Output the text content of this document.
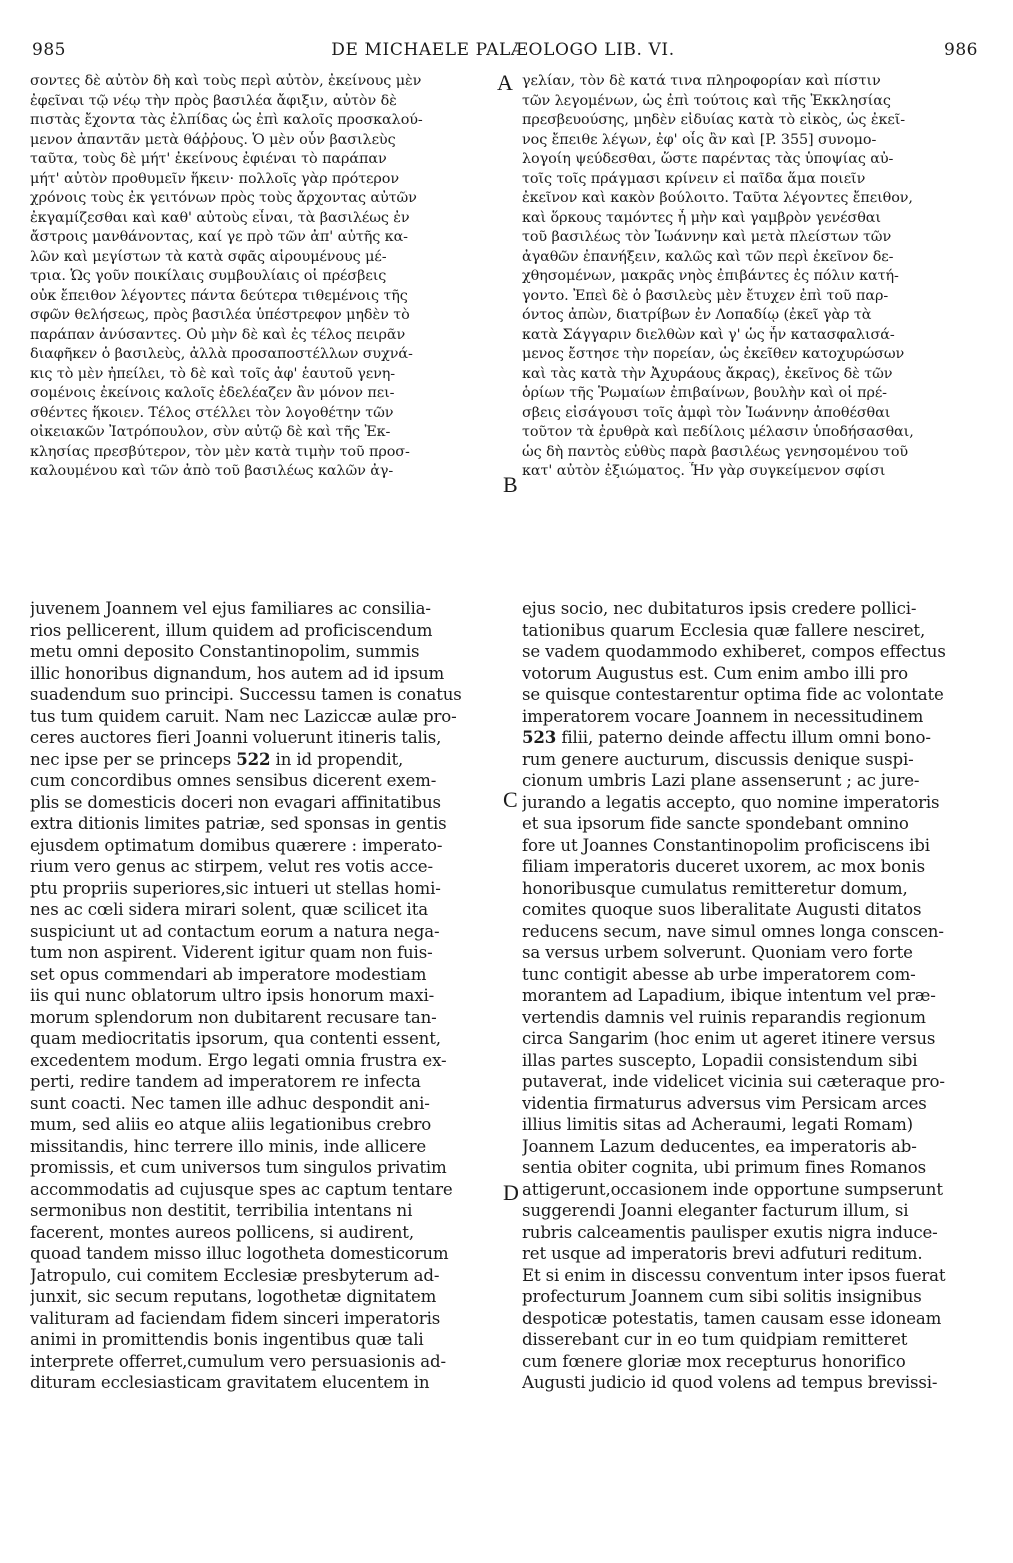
985	DE MICHAELE PALÆOLOGO LIB. VI.	986
σοντες δὲ αὐτὸν δὴ καὶ τοὺς περὶ αὐτὸν, ἐκείνους μὲν
ἐφεῖναι τῷ νέῳ τὴν πρὸς βασιλέα ἄφιξιν, αὐτὸν δὲ
πιστὰς ἔχοντα τὰς ἐλπίδας ὡς ἐπὶ καλοῖς προσκαλού-
μενον ἀπαντᾶν μετὰ θάῤῥους. Ὁ μὲν οὖν βασιλεὺς
ταῦτα, τοὺς δὲ μήτ' ἐκείνους ἐφιέναι τὸ παράπαν
μήτ' αὐτὸν προθυμεῖν ἥκειν· πολλοῖς γὰρ πρότερον
χρόνοις τοὺς ἐκ γειτόνων πρὸς τοὺς ἄρχοντας αὐτῶν
ἐκγαμίζεσθαι καὶ καθ' αὐτοὺς εἶναι, τὰ βασιλέως ἐν
ἄστροις μανθάνοντας, καί γε πρὸ τῶν ἀπ' αὐτῆς κα-
λῶν καὶ μεγίστων τὰ κατὰ σφᾶς αἱρουμένους μέ-
τρια. Ὡς γοῦν ποικίλαις συμβουλίαις οἱ πρέσβεις
οὐκ ἔπειθον λέγοντες πάντα δεύτερα τιθεμένοις τῆς
σφῶν θελήσεως, πρὸς βασιλέα ὑπέστρεφον μηδὲν τὸ
παράπαν ἀνύσαντες. Οὐ μὴν δὲ καὶ ἐς τέλος πειρᾶν
διαφῆκεν ὁ βασιλεὺς, ἀλλὰ προσαποστέλλων συχνά-
κις τὸ μὲν ἠπείλει, τὸ δὲ καὶ τοῖς ἀφ' ἑαυτοῦ γενη-
σομένοις ἐκείνοις καλοῖς ἐδελέαζεν ἂν μόνον πει-
σθέντες ἥκοιεν. Τέλος στέλλει τὸν λογοθέτην τῶν
οἰκειακῶν Ἰατρόπουλον, σὺν αὐτῷ δὲ καὶ τῆς Ἐκ-
κλησίας πρεσβύτερον, τὸν μὲν κατὰ τιμὴν τοῦ προσ-
καλουμένου καὶ τῶν ἀπὸ τοῦ βασιλέως καλῶν ἀγ-
γελίαν, τὸν δὲ κατά τινα πληροφορίαν καὶ πίστιν
τῶν λεγομένων, ὡς ἐπὶ τούτοις καὶ τῆς Ἐκκλησίας
πρεσβευούσης, μηδὲν εἰδυίας κατὰ τὸ εἰκὸς, ὡς ἐκεῖ-
νος ἔπειθε λέγων, ἐφ' οἷς ἂν καὶ [P. 355] συνομο-
λογοίη ψεύδεσθαι, ὥστε παρέντας τὰς ὑποψίας αὐ-
τοῖς τοῖς πράγμασι κρίνειν εἰ παῖδα ἅμα ποιεῖν
ἐκεῖνον καὶ κακὸν βούλοιτο. Ταῦτα λέγοντες ἔπειθον,
καὶ ὅρκους ταμόντες ἦ μὴν καὶ γαμβρὸν γενέσθαι
τοῦ βασιλέως τὸν Ἰωάννην καὶ μετὰ πλείστων τῶν
ἀγαθῶν ἐπανήξειν, καλῶς καὶ τῶν περὶ ἐκεῖνον δε-
χθησομένων, μακρᾶς νηὸς ἐπιβάντες ἐς πόλιν κατή-
γοντο. Ἐπεὶ δὲ ὁ βασιλεὺς μὲν ἔτυχεν ἐπὶ τοῦ παρ-
όντος ἀπὼν, διατρίβων ἐν Λοπαδίῳ (ἐκεῖ γὰρ τὰ
κατὰ Σάγγαριν διελθὼν καὶ γ' ὡς ἦν κατασφαλισά-
μενος ἔστησε τὴν πορείαν, ὡς ἐκεῖθεν κατοχυρώσων
καὶ τὰς κατὰ τὴν Ἀχυράους ἄκρας), ἐκεῖνος δὲ τῶν
ὁρίων τῆς Ῥωμαίων ἐπιβαίνων, βουλὴν καὶ οἱ πρέ-
σβεις εἰσάγουσι τοῖς ἀμφὶ τὸν Ἰωάννην ἀποθέσθαι
τοῦτον τὰ ἐρυθρὰ καὶ πεδίλοις μέλασιν ὑποδήσασθαι,
ὡς δὴ παντὸς εὐθὺς παρὰ βασιλέως γενησομένου τοῦ
κατ' αὐτὸν ἐξιώματος. Ἦν γὰρ συγκείμενον σφίσι
juvenem Joannem vel ejus familiares ac consilia-
rios pellicerent, illum quidem ad proficiscendum
metu omni deposito Constantinopolim, summis
illic honoribus dignandum, hos autem ad id ipsum
suadendum suo principi. Successu tamen is conatus
tus tum quidem caruit. Nam nec Laziccæ aulæ pro-
ceres auctores fieri Joanni voluerunt itineris talis,
nec ipse per se princeps 522 in id propendit,
cum concordibus omnes sensibus dicerent exem-
plis se domesticis doceri non evagari affinitatibus
extra ditionis limites patriæ, sed sponsas in gentis
ejusdem optimatum domibus quærere : imperato-
rium vero genus ac stirpem, velut res votis acce-
ptu propriis superiores,sic intueri ut stellas homi-
nes ac cœli sidera mirari solent, quæ scilicet ita
suspiciunt ut ad contactum eorum a natura nega-
tum non aspirent. Viderent igitur quam non fuis-
set opus commendari ab imperatore modestiam
iis qui nunc oblatorum ultro ipsis honorum maxi-
morum splendorum non dubitarent recusare tan-
quam mediocritatis ipsorum, qua contenti essent,
excedentem modum. Ergo legati omnia frustra ex-
perti, redire tandem ad imperatorem re infecta
sunt coacti. Nec tamen ille adhuc despondit ani-
mum, sed aliis eo atque aliis legationibus crebro
missitandis, hinc terrere illo minis, inde allicere
promissis, et cum universos tum singulos privatim
accommodatis ad cujusque spes ac captum tentare
sermonibus non destitit, terribilia intentans ni
facerent, montes aureos pollicens, si audirent,
quoad tandem misso illuc logotheta domesticorum
Jatropulo, cui comitem Ecclesiæ presbyterum ad-
junxit, sic secum reputans, logothetæ dignitatem
valituram ad faciendam fidem sinceri imperatoris
animi in promittendis bonis ingentibus quæ tali
interprete offerret,cumulum vero persuasionis ad-
dituram ecclesiasticam gravitatem elucentem in
ejus socio, nec dubitaturos ipsis credere pollici-
tationibus quarum Ecclesia quæ fallere nesciret,
se vadem quodammodo exhiberet, compos effectus
votorum Augustus est. Cum enim ambo illi pro
se quisque contestarentur optima fide ac volontate
imperatorem vocare Joannem in necessitudinem
523 filii, paterno deinde affectu illum omni bono-
rum genere aucturum, discussis denique suspi-
cionum umbris Lazi plane assenserunt ; ac jure-
jurando a legatis accepto, quo nomine imperatoris
et sua ipsorum fide sancte spondebant omnino
fore ut Joannes Constantinopolim proficiscens ibi
filiam imperatoris duceret uxorem, ac mox bonis
honoribusque cumulatus remitteretur domum,
comites quoque suos liberalitate Augusti ditatos
reducens secum, nave simul omnes longa conscen-
sa versus urbem solverunt. Quoniam vero forte
tunc contigit abesse ab urbe imperatorem com-
morantem ad Lapadium, ibique intentum vel præ-
vertendis damnis vel ruinis reparandis regionum
circa Sangarim (hoc enim ut ageret itinere versus
illas partes suscepto, Lopadii consistendum sibi
putaverat, inde videlicet vicinia sui cæteraque pro-
videntia firmaturus adversus vim Persicam arces
illius limitis sitas ad Acheraumi, legati Romam)
Joannem Lazum deducentes, ea imperatoris ab-
sentia obiter cognita, ubi primum fines Romanos
attigerunt,occasionem inde opportune sumpserunt
suggerendi Joanni eleganter facturum illum, si
rubris calceamentis paulisper exutis nigra induce-
ret usque ad imperatoris brevi adfuturi reditum.
Et si enim in discessu conventum inter ipsos fuerat
profecturum Joannem cum sibi solitis insignibus
despoticæ potestatis, tamen causam esse idoneam
disserebant cur in eo tum quidpiam remitteret
cum fœnere gloriæ mox recepturus honorifico
Augusti judicio id quod volens ad tempus brevissi-
A
B
C
D
